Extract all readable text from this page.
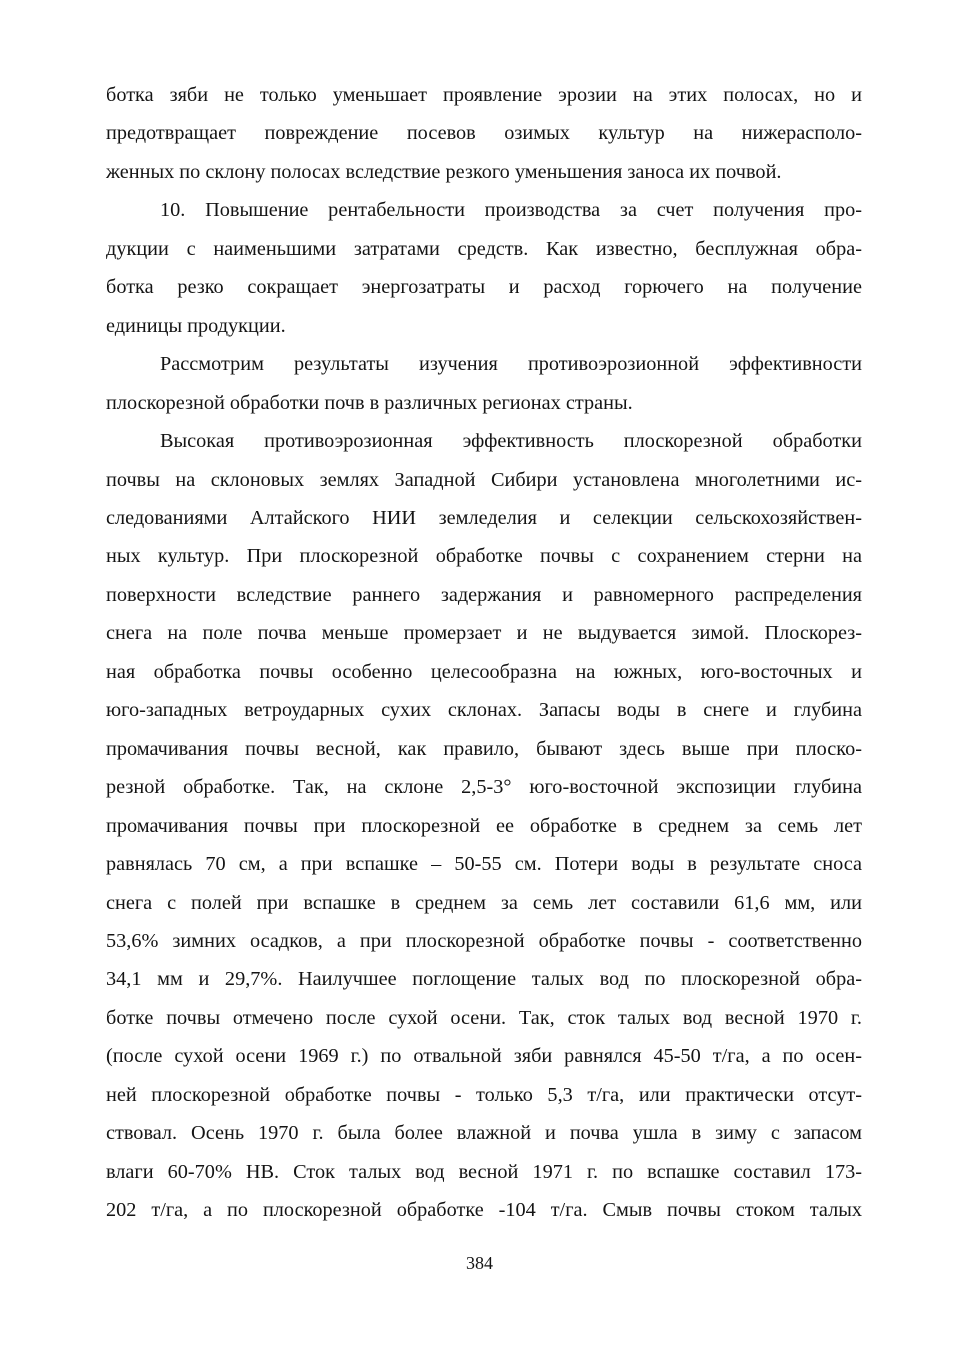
ботка зяби не только уменьшает проявление эрозии на этих полосах, но и
предотвращает повреждение посевов озимых культур на нижерасполо-
женных по склону полосах вследствие резкого уменьшения заноса их почвой.

10. Повышение рентабельности производства за счет получения про-
дукции с наименьшими затратами средств. Как известно, бесплужная обра-
ботка резко сокращает энергозатраты и расход горючего на получение
единицы продукции.

Рассмотрим результаты изучения противоэрозионной эффективности
плоскорезной обработки почв в различных регионах страны.

Высокая противоэрозионная эффективность плоскорезной обработки
почвы на склоновых землях Западной Сибири установлена многолетними ис-
следованиями Алтайского НИИ земледелия и селекции сельскохозяйствен-
ных культур. При плоскорезной обработке почвы с сохранением стерни на
поверхности вследствие раннего задержания и равномерного распределения
снега на поле почва меньше промерзает и не выдувается зимой. Плоскорез-
ная обработка почвы особенно целесообразна на южных, юго-восточных и
юго-западных ветроударных сухих склонах. Запасы воды в снеге и глубина
промачивания почвы весной, как правило, бывают здесь выше при плоско-
резной обработке. Так, на склоне 2,5-3° юго-восточной экспозиции глубина
промачивания почвы при плоскорезной ее обработке в среднем за семь лет
равнялась 70 см, а при вспашке – 50-55 см. Потери воды в результате сноса
снега с полей при вспашке в среднем за семь лет составили 61,6 мм, или
53,6% зимних осадков, а при плоскорезной обработке почвы - соответственно
34,1 мм и 29,7%. Наилучшее поглощение талых вод по плоскорезной обра-
ботке почвы отмечено после сухой осени. Так, сток талых вод весной 1970 г.
(после сухой осени 1969 г.) по отвальной зяби равнялся 45-50 т/га, а по осен-
ней плоскорезной обработке почвы - только 5,3 т/га, или практически отсут-
ствовал. Осень 1970 г. была более влажной и почва ушла в зиму с запасом
влаги 60-70% НВ. Сток талых вод весной 1971 г. по вспашке составил 173-
202 т/га, а по плоскорезной обработке -104 т/га. Смыв почвы стоком талых

384
